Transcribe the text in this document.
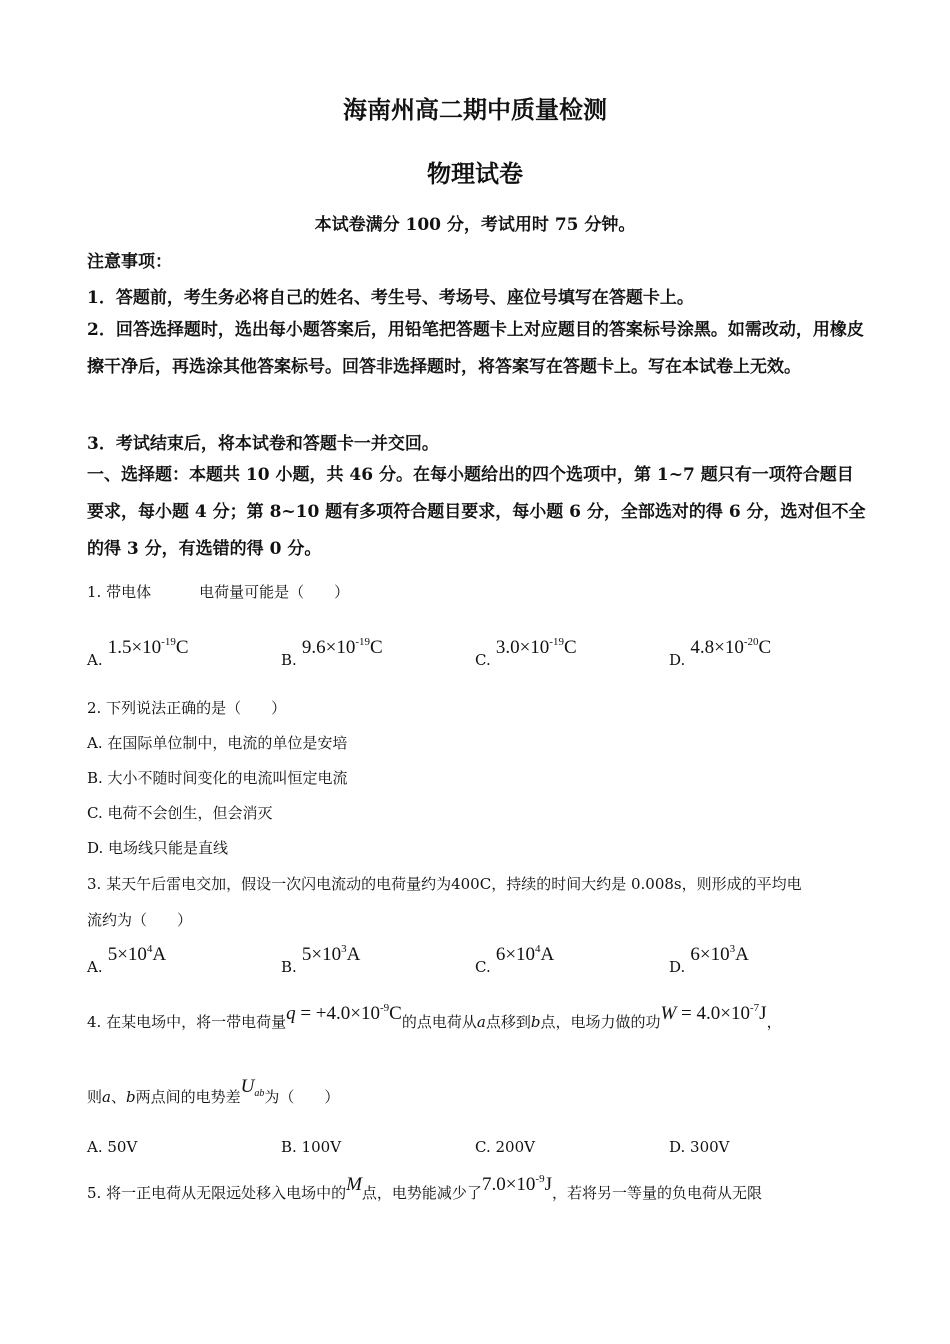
海南州高二期中质量检测
物理试卷
本试卷满分 100 分，考试用时 75 分钟。
注意事项：
1．答题前，考生务必将自己的姓名、考生号、考场号、座位号填写在答题卡上。
2．回答选择题时，选出每小题答案后，用铅笔把答题卡上对应题目的答案标号涂黑。如需改动，用橡皮擦干净后，再选涂其他答案标号。回答非选择题时，将答案写在答题卡上。写在本试卷上无效。
3．考试结束后，将本试卷和答题卡一并交回。
一、选择题：本题共 10 小题，共 46 分。在每小题给出的四个选项中，第 1~7 题只有一项符合题目要求，每小题 4 分；第 8~10 题有多项符合题目要求，每小题 6 分，全部选对的得 6 分，选对但不全的得 3 分，有选错的得 0 分。
1. 带电体	电荷量可能是（　　）
A. $1.5\times 10^{-19}C$
B. $9.6\times 10^{-19}C$
C. $3.0\times 10^{-19}C$
D. $4.8\times 10^{-20}C$
2. 下列说法正确的是（　　）
A. 在国际单位制中，电流的单位是安培
B. 大小不随时间变化的电流叫恒定电流
C. 电荷不会创生，但会消灭
D. 电场线只能是直线
3. 某天午后雷电交加，假设一次闪电流动的电荷量约为400C，持续的时间大约是 0.008s，则形成的平均电
流约为（　　）
A. $5\times 10^4A$
B. $5\times 10^3A$
C. $6\times 10^4A$
D. $6\times 10^3A$
4. 在某电场中，将一带电荷量$q = +4.0\times 10^{-9}C$的点电荷从a点移到b点，电场力做的功$W = 4.0\times 10^{-7}J$，
则a、b两点间的电势差$U_{ab}$为（　　）
A. 50V	B. 100V	C. 200V	D. 300V
5. 将一正电荷从无限远处移入电场中的M点，电势能减少了$7.0\times 10^{-9}J$，若将另一等量的负电荷从无限
